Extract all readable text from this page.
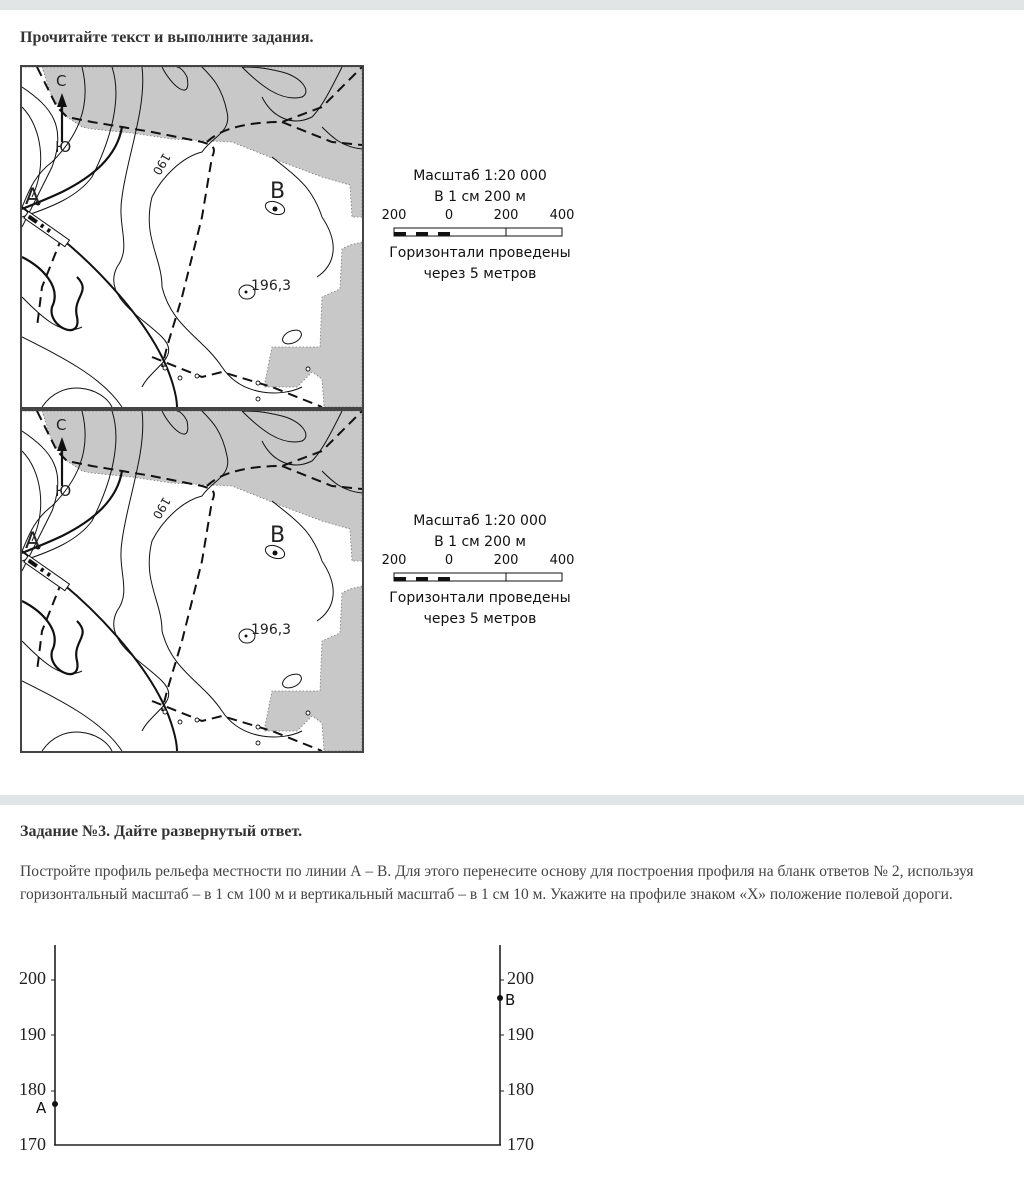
Прочитайте текст и выполните задания.
С
Ю
А	В
190
196,3
Масштаб 1:20 000
В 1 см 200 м
200	0	200 400
Горизонтали проведены
через 5 метров
С
Ю
А	В
190
196,3
Масштаб 1:20 000
В 1 см 200 м
200	0	200 400
Горизонтали проведены
через 5 метров
Задание №3. Дайте развернутый ответ.
Постройте профиль рельефа местности по линии А – В. Для этого перенесите основу для построения профиля на бланк ответов № 2, используя горизонтальный масштаб – в 1 см 100 м и вертикальный масштаб – в 1 см 10 м. Укажите на профиле знаком «Х» положение полевой дороги.
200
190
180
170
200
190
180
170
А
В
